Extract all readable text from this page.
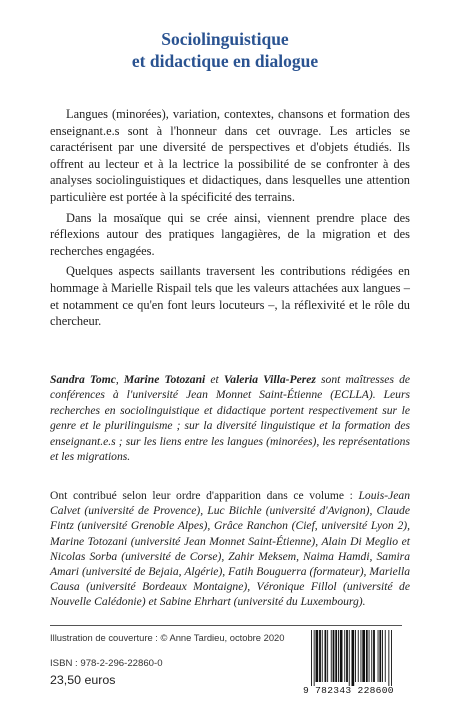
Sociolinguistique
et didactique en dialogue

Langues (minorées), variation, contextes, chansons et formation des enseignant.e.s sont à l'honneur dans cet ouvrage. Les articles se caractérisent par une diversité de perspectives et d'objets étudiés. Ils offrent au lecteur et à la lectrice la possibilité de se confronter à des analyses sociolinguistiques et didactiques, dans lesquelles une attention particulière est portée à la spécificité des terrains.

Dans la mosaïque qui se crée ainsi, viennent prendre place des réflexions autour des pratiques langagières, de la migration et des recherches engagées.

Quelques aspects saillants traversent les contributions rédigées en hommage à Marielle Rispail tels que les valeurs attachées aux langues – et notamment ce qu'en font leurs locuteurs –, la réflexivité et le rôle du chercheur.

Sandra Tomc, Marine Totozani et Valeria Villa-Perez sont maîtresses de conférences à l'université Jean Monnet Saint-Étienne (ECLLA). Leurs recherches en sociolinguistique et didactique portent respectivement sur le genre et le plurilinguisme ; sur la diversité linguistique et la formation des enseignant.e.s ; sur les liens entre les langues (minorées), les représentations et les migrations.

Ont contribué selon leur ordre d'apparition dans ce volume : Louis-Jean Calvet (université de Provence), Luc Biichle (université d'Avignon), Claude Fintz (université Grenoble Alpes), Grâce Ranchon (Cief, université Lyon 2), Marine Totozani (université Jean Monnet Saint-Étienne), Alain Di Meglio et Nicolas Sorba (université de Corse), Zahir Meksem, Naima Hamdi, Samira Amari (université de Bejaia, Algérie), Fatih Bouguerra (formateur), Mariella Causa (université Bordeaux Montaigne), Véronique Fillol (université de Nouvelle Calédonie) et Sabine Ehrhart (université du Luxembourg).

Illustration de couverture : © Anne Tardieu, octobre 2020
ISBN : 978-2-296-22860-0
23,50 euros
9 782343 228600
